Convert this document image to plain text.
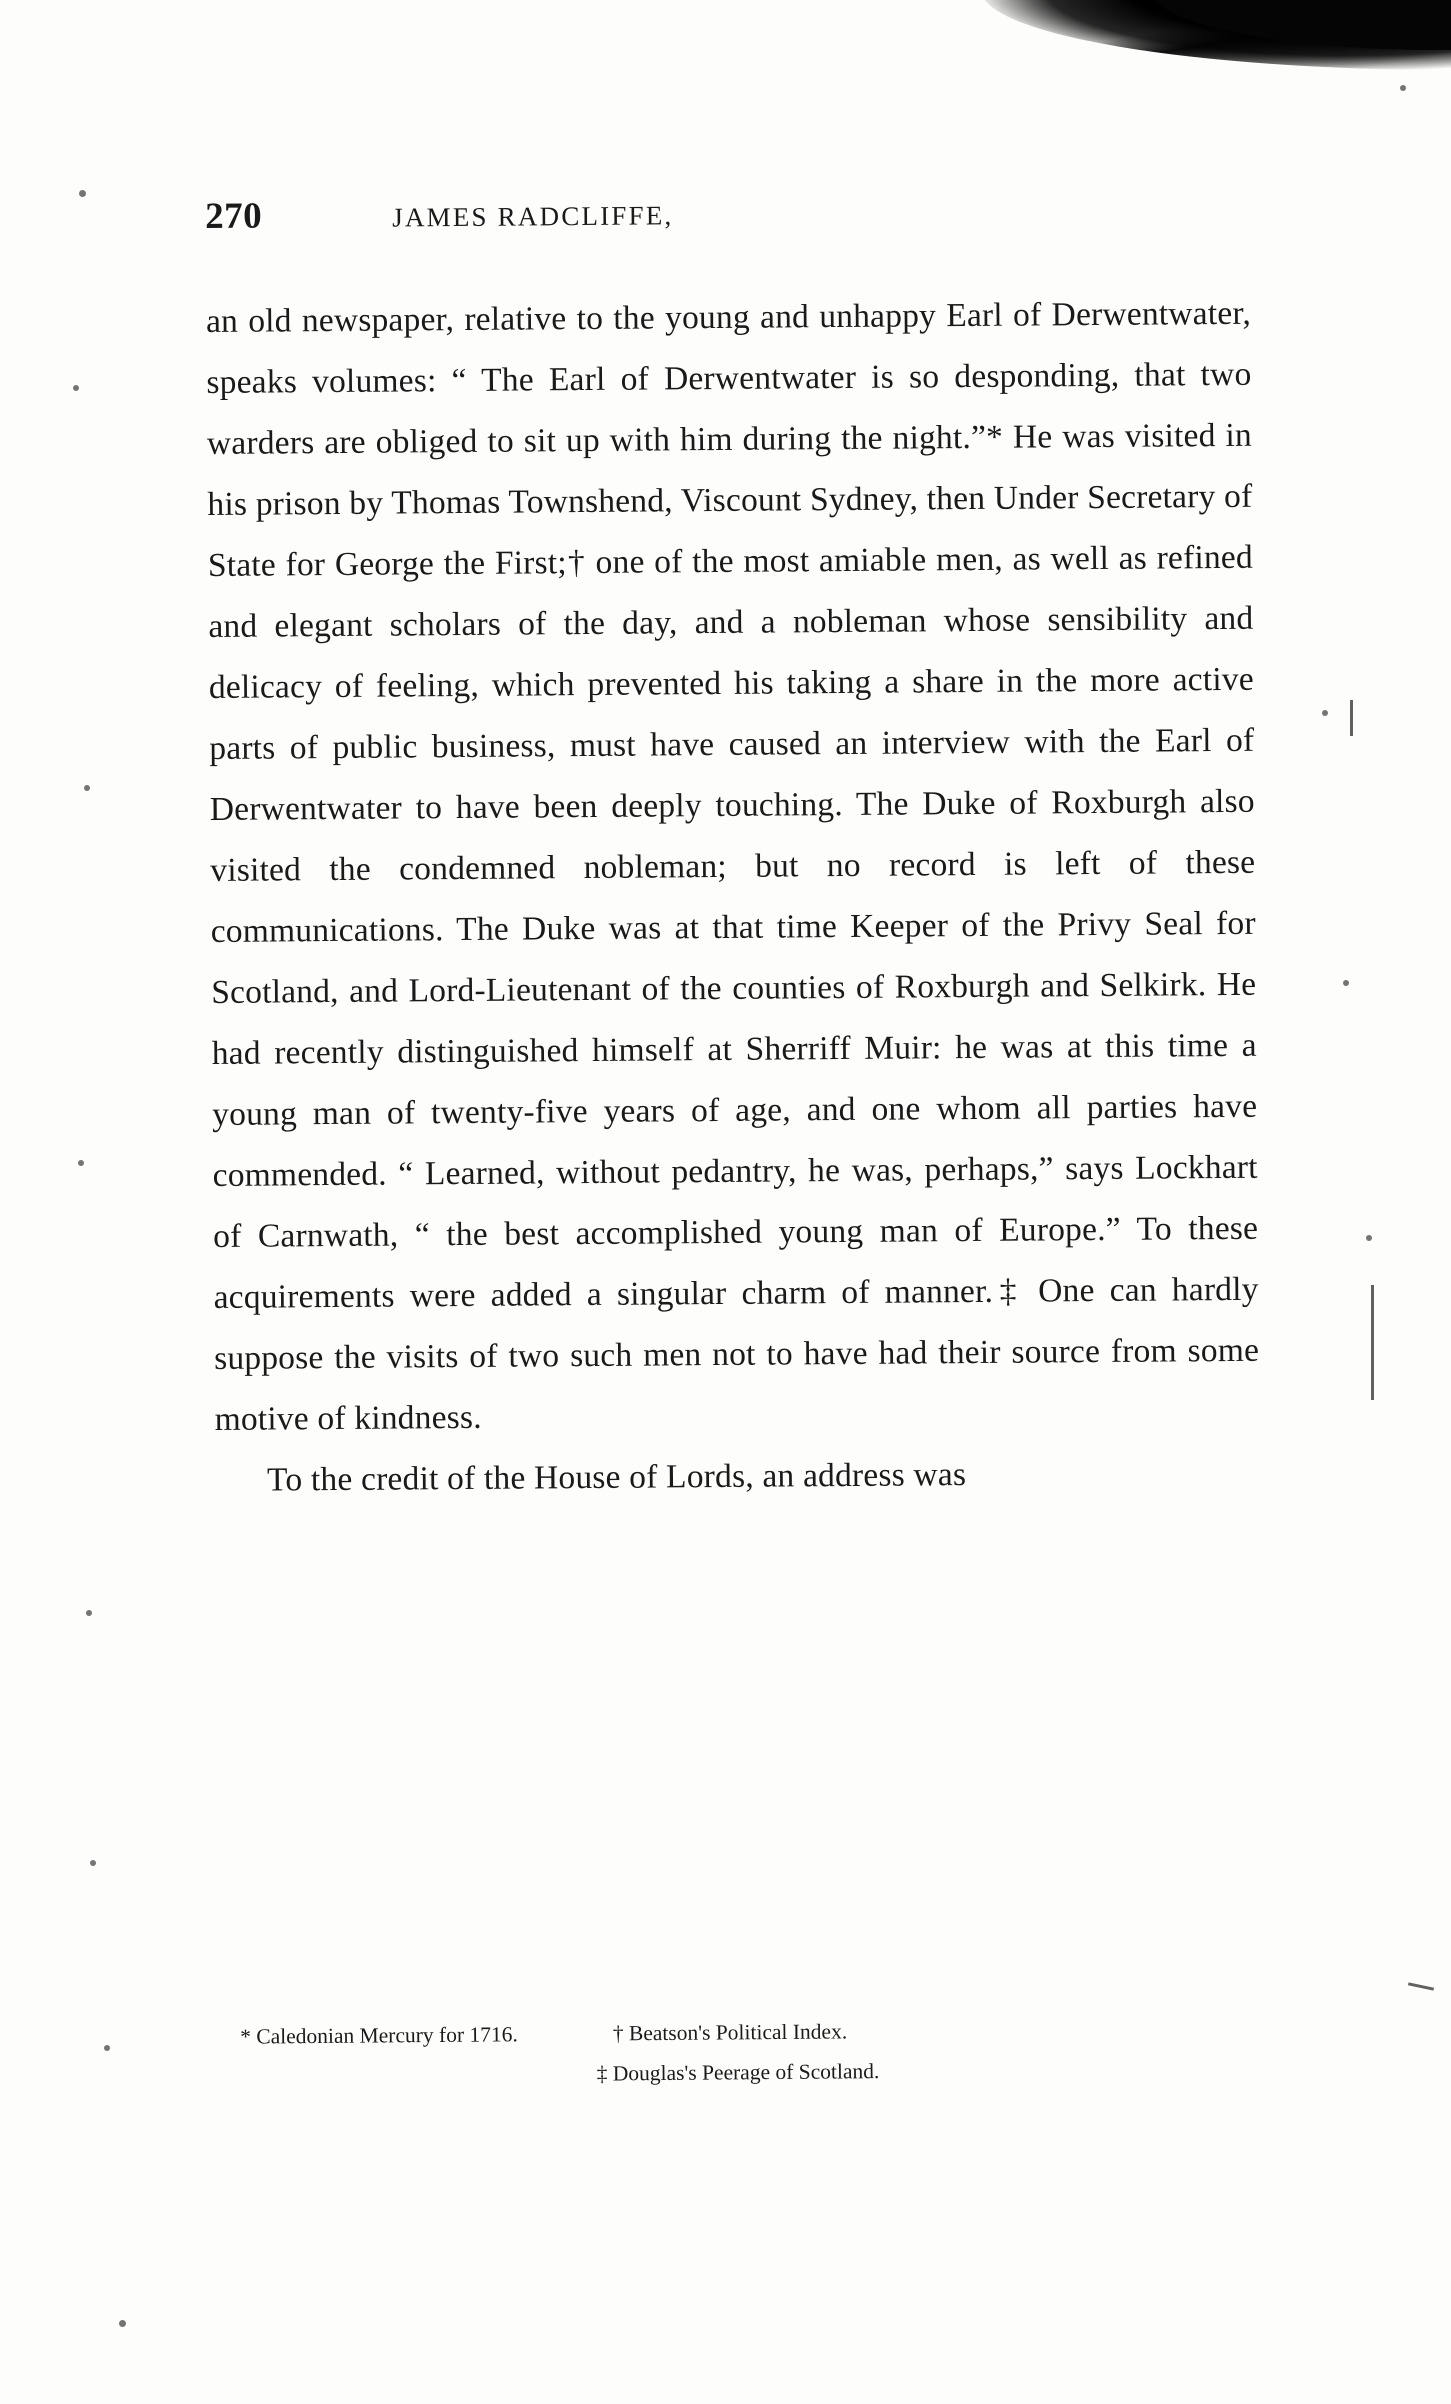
270	JAMES RADCLIFFE,

an old newspaper, relative to the young and unhappy Earl of Derwentwater, speaks volumes: “ The Earl of Derwentwater is so desponding, that two warders are obliged to sit up with him during the night.”* He was visited in his prison by Thomas Townshend, Viscount Sydney, then Under Secretary of State for George the First;† one of the most amiable men, as well as refined and elegant scholars of the day, and a nobleman whose sensibility and delicacy of feeling, which prevented his taking a share in the more active parts of public business, must have caused an interview with the Earl of Derwentwater to have been deeply touching. The Duke of Roxburgh also visited the condemned nobleman; but no record is left of these communications. The Duke was at that time Keeper of the Privy Seal for Scotland, and Lord-Lieutenant of the counties of Roxburgh and Selkirk. He had recently distinguished himself at Sherriff Muir: he was at this time a young man of twenty-five years of age, and one whom all parties have commended. “ Learned, without pedantry, he was, perhaps,” says Lockhart of Carnwath, “ the best accomplished young man of Europe.” To these acquirements were added a singular charm of manner.‡ One can hardly suppose the visits of two such men not to have had their source from some motive of kindness.

To the credit of the House of Lords, an address was

* Caledonian Mercury for 1716.	† Beatson's Political Index.
‡ Douglas's Peerage of Scotland.
